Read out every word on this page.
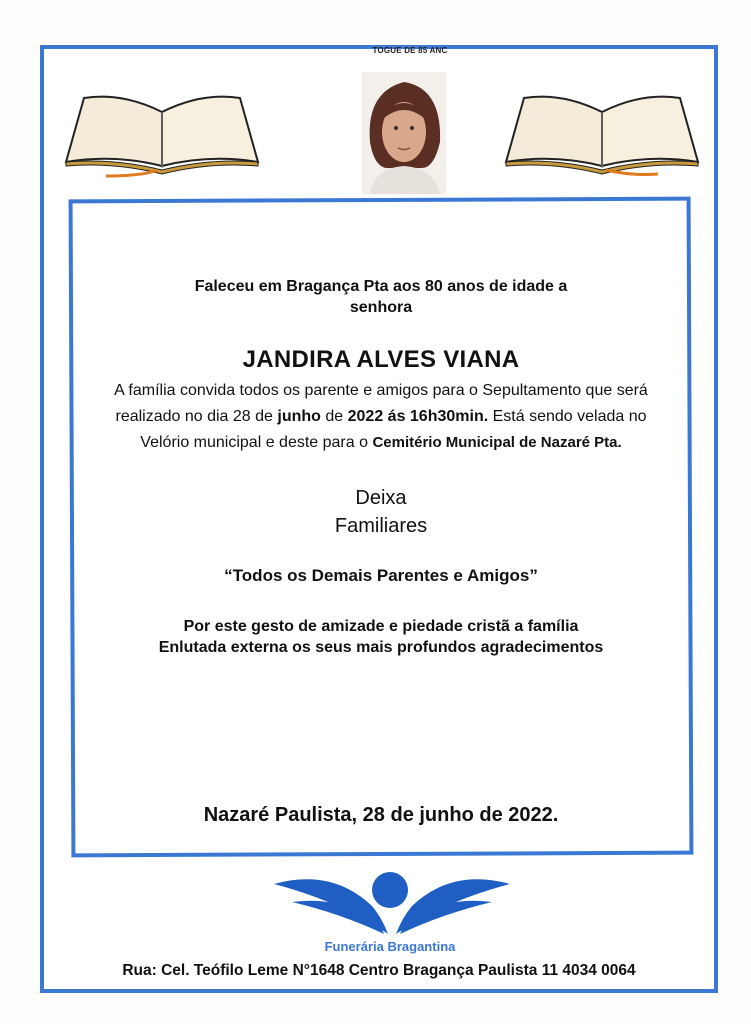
TOGUE DE 85 ANC
Faleceu em Bragança Pta aos 80 anos de idade a senhora
JANDIRA ALVES VIANA
A família convida todos os parente e amigos para o Sepultamento que será realizado no dia 28 de junho de 2022 ás 16h30min. Está sendo velada no Velório municipal e deste para o Cemitério Municipal de Nazaré Pta.
Deixa
Familiares
“Todos os Demais Parentes e Amigos”
Por este gesto de amizade e piedade cristã a família Enlutada externa os seus mais profundos agradecimentos
Nazaré Paulista, 28 de junho de 2022.
Funerária Bragantina
Rua: Cel. Teófilo Leme N°1648 Centro Bragança Paulista 11 4034 0064
